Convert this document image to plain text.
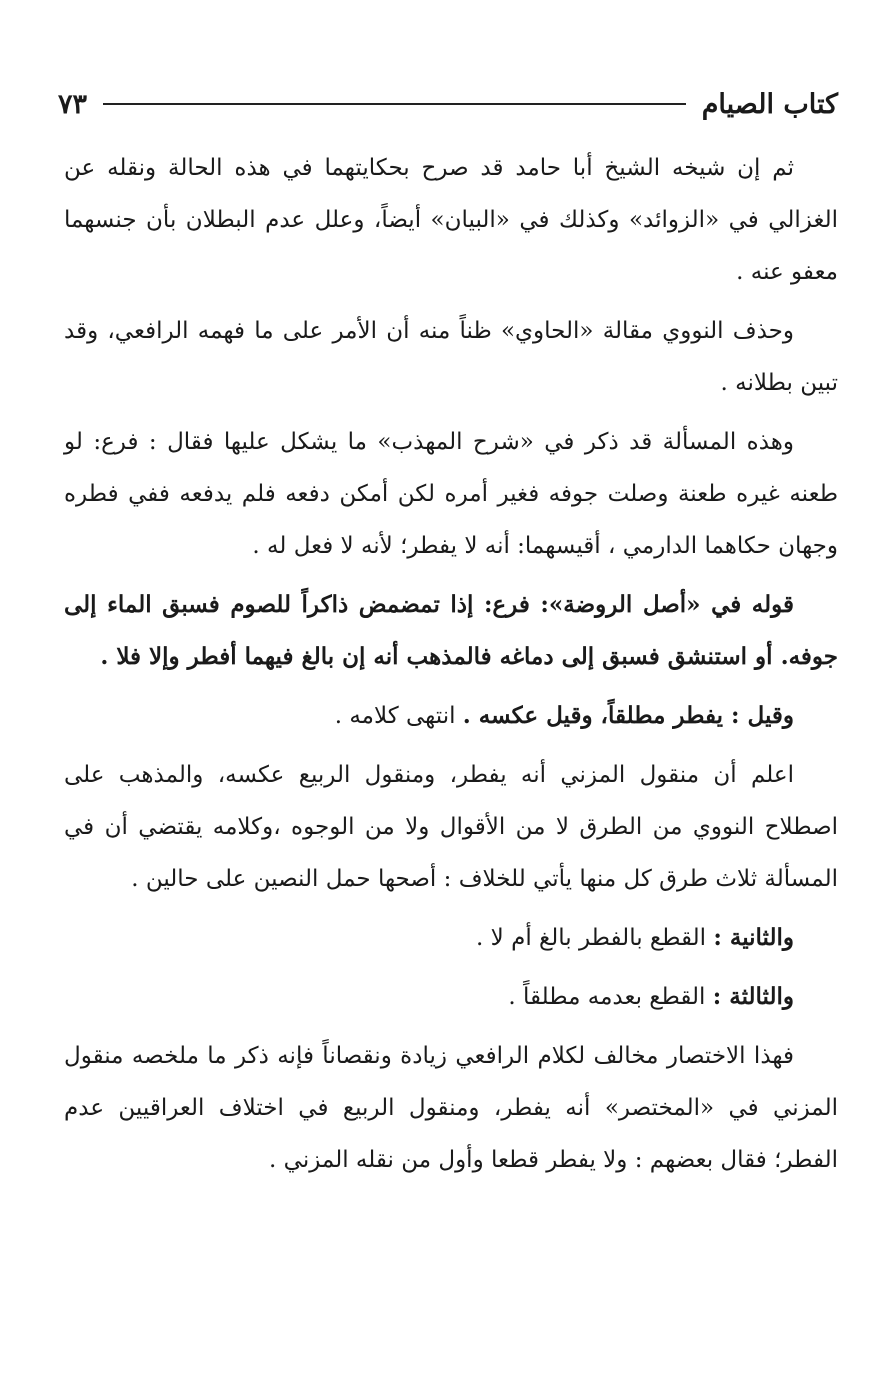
كتاب الصيام
٧٣

ثم إن شيخه الشيخ أبا حامد قد صرح بحكايتهما في هذه الحالة ونقله عن الغزالي في «الزوائد» وكذلك في «البيان» أيضاً، وعلل عدم البطلان بأن جنسهما معفو عنه .

وحذف النووي مقالة «الحاوي» ظناً منه أن الأمر على ما فهمه الرافعي، وقد تبين بطلانه .

وهذه المسألة قد ذكر في «شرح المهذب» ما يشكل عليها فقال : فرع: لو طعنه غيره طعنة وصلت جوفه فغير أمره لكن أمكن دفعه فلم يدفعه ففي فطره وجهان حكاهما الدارمي ، أقيسهما: أنه لا يفطر؛ لأنه لا فعل له .

قوله في «أصل الروضة»: فرع: إذا تمضمض ذاكراً للصوم فسبق الماء إلى جوفه. أو استنشق فسبق إلى دماغه فالمذهب أنه إن بالغ فيهما أفطر وإلا فلا .

وقيل : يفطر مطلقاً، وقيل عكسه . انتهى كلامه .

اعلم أن منقول المزني أنه يفطر، ومنقول الربيع عكسه، والمذهب على اصطلاح النووي من الطرق لا من الأقوال ولا من الوجوه ،وكلامه يقتضي أن في المسألة ثلاث طرق كل منها يأتي للخلاف : أصحها حمل النصين على حالين .

والثانية : القطع بالفطر بالغ أم لا .

والثالثة : القطع بعدمه مطلقاً .

فهذا الاختصار مخالف لكلام الرافعي زيادة ونقصاناً فإنه ذكر ما ملخصه منقول المزني في «المختصر» أنه يفطر، ومنقول الربيع في اختلاف العراقيين عدم الفطر؛ فقال بعضهم : ولا يفطر قطعا وأول من نقله المزني .
